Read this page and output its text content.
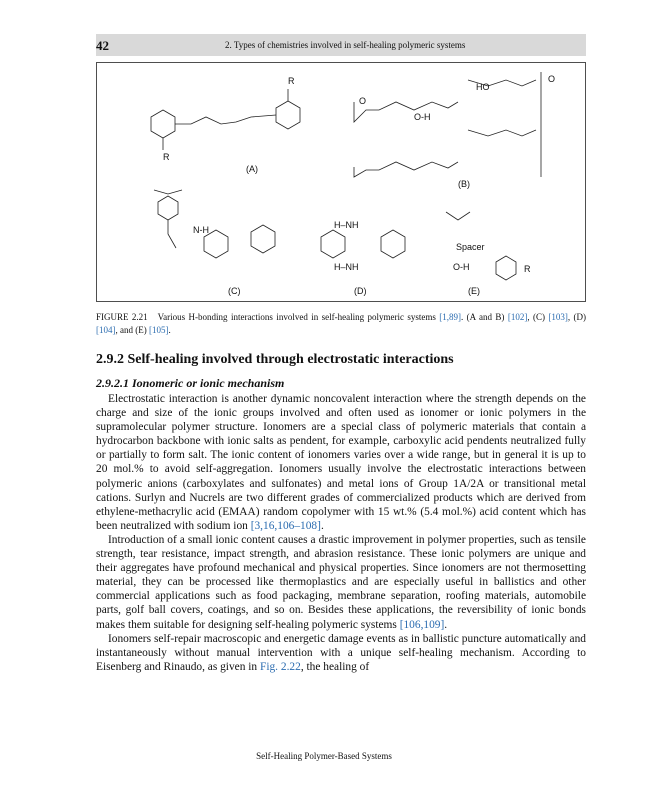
42	2. Types of chemistries involved in self-healing polymeric systems
R
R
O
HO
O-H
O
N-H	H–NH
H–NH
Spacer
O-H	R
(A)
(B)
(C)	(D)	(E)
FIGURE 2.21 Various H-bonding interactions involved in self-healing polymeric systems [1,89]. (A and B) [102], (C) [103], (D) [104], and (E) [105].
2.9.2 Self-healing involved through electrostatic interactions
2.9.2.1 Ionomeric or ionic mechanism

Electrostatic interaction is another dynamic noncovalent interaction where the strength depends on the charge and size of the ionic groups involved and often used as ionomer or ionic polymers in the supramolecular polymer structure. Ionomers are a special class of polymeric materials that contain a hydrocarbon backbone with ionic salts as pendent, for example, carboxylic acid pendents neutralized fully or partially to form salt. The ionic content of ionomers varies over a wide range, but in general it is up to 20 mol.% to avoid self-aggregation. Ionomers usually involve the electrostatic interactions between polymeric anions (carboxylates and sulfonates) and metal ions of Group 1A/2A or transitional metal cations. Surlyn and Nucrels are two different grades of commercialized products which are derived from ethylene-methacrylic acid (EMAA) random copolymer with 15 wt.% (5.4 mol.%) acid content which has been neutralized with sodium ion [3,16,106–108].

Introduction of a small ionic content causes a drastic improvement in polymer properties, such as tensile strength, tear resistance, impact strength, and abrasion resistance. These ionic polymers are unique and their aggregates have profound mechanical and physical properties. Since ionomers are not thermosetting material, they can be processed like thermoplastics and are especially useful in ballistics and other commercial applications such as food packaging, membrane separation, roofing materials, automobile parts, golf ball covers, coatings, and so on. Besides these applications, the reversibility of ionic bonds makes them suitable for designing self-healing polymeric systems [106,109].

Ionomers self-repair macroscopic and energetic damage events as in ballistic puncture automatically and instantaneously without manual intervention with a unique self-healing mechanism. According to Eisenberg and Rinaudo, as given in Fig. 2.22, the healing of

Self-Healing Polymer-Based Systems
